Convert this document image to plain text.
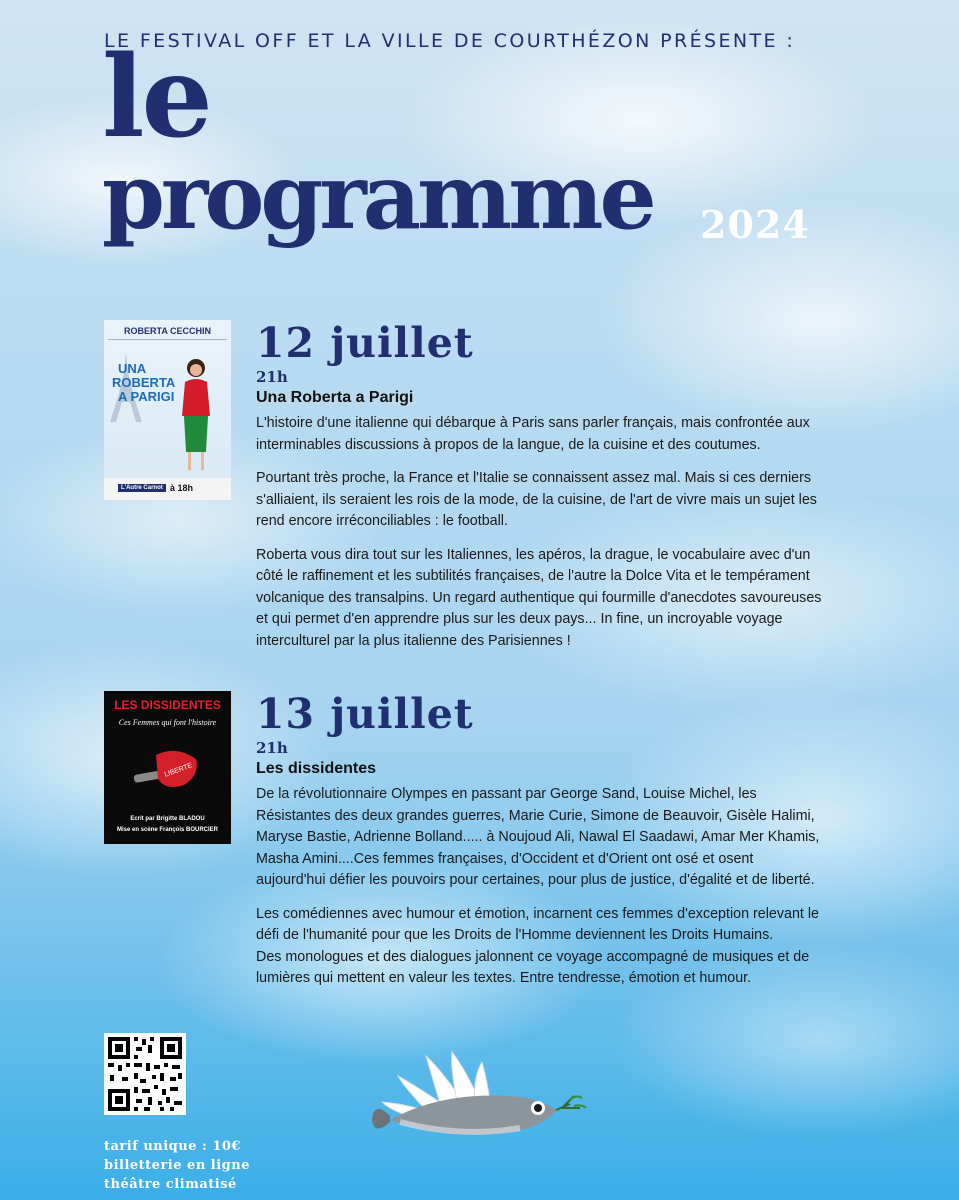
LE FESTIVAL OFF ET LA VILLE DE COURTHÉZON PRÉSENTE :
le
programme 2024
ROBERTA CECCHIN
UNA
ROBERTA
A PARIGI
L'Autre Carnot à 18h
12 juillet
21h
Una Roberta a Parigi

L'histoire d'une italienne qui débarque à Paris sans parler français, mais confrontée aux interminables discussions à propos de la langue, de la cuisine et des coutumes.

Pourtant très proche, la France et l'Italie se connaissent assez mal. Mais si ces derniers s'alliaient, ils seraient les rois de la mode, de la cuisine, de l'art de vivre mais un sujet les rend encore irréconciliables : le football.

Roberta vous dira tout sur les Italiennes, les apéros, la drague, le vocabulaire avec d'un côté le raffinement et les subtilités françaises, de l'autre la Dolce Vita et le tempérament volcanique des transalpins. Un regard authentique qui fourmille d'anecdotes savoureuses et qui permet d'en apprendre plus sur les deux pays... In fine, un incroyable voyage interculturel par la plus italienne des Parisiennes !

LES DISSIDENTES
Ces Femmes qui font l'histoire
LIBERTE
Ecrit par Brigitte BLADOU
Mise en scène François BOURCIER
13 juillet
21h
Les dissidentes

De la révolutionnaire Olympes en passant par George Sand, Louise Michel, les Résistantes des deux grandes guerres, Marie Curie, Simone de Beauvoir, Gisèle Halimi, Maryse Bastie, Adrienne Bolland..... à Noujoud Ali, Nawal El Saadawi, Amar Mer Khamis, Masha Amini....Ces femmes françaises, d'Occident et d'Orient ont osé et osent aujourd'hui défier les pouvoirs pour certaines, pour plus de justice, d'égalité et de liberté.

Les comédiennes avec humour et émotion, incarnent ces femmes d'exception relevant le défi de l'humanité pour que les Droits de l'Homme deviennent les Droits Humains.
Des monologues et des dialogues jalonnent ce voyage accompagné de musiques et de lumières qui mettent en valeur les textes. Entre tendresse, émotion et humour.

tarif unique : 10€
billetterie en ligne
théâtre climatisé
